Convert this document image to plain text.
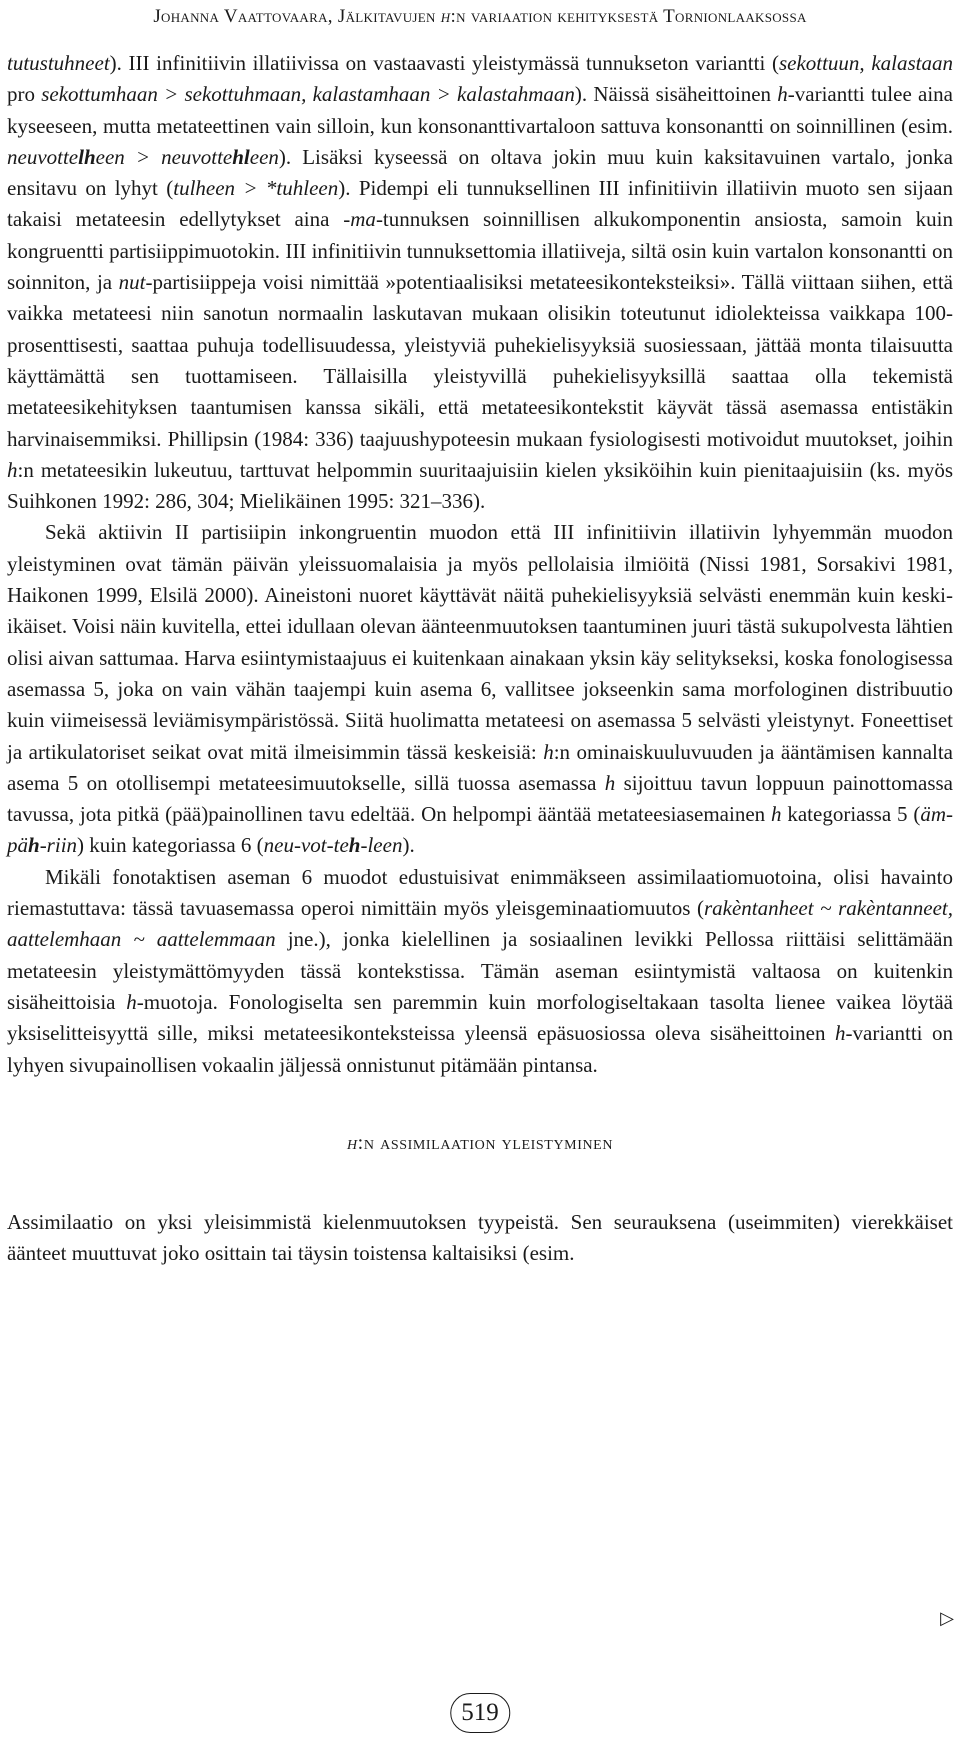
Johanna Vaattovaara, Jälkitavujen h:n variaation kehityksestä Tornionlaaksossa

tutustuhneet). III infinitiivin illatiivissa on vastaavasti yleistymässä tunnukseton variantti (sekottuun, kalastaan pro sekottumhaan > sekottuhmaan, kalastamhaan > kalastahmaan). Näissä sisäheittoinen h-variantti tulee aina kyseeseen, mutta metateettinen vain silloin, kun konsonanttivartaloon sattuva konsonantti on soinnillinen (esim. neuvottelheen > neuvottehleen). Lisäksi kyseessä on oltava jokin muu kuin kaksitavuinen vartalo, jonka ensitavu on lyhyt (tulheen > *tuhleen). Pidempi eli tunnuksellinen III infinitiivin illatiivin muoto sen sijaan takaisi metateesin edellytykset aina -ma-tunnuksen soinnillisen alkukomponentin ansiosta, samoin kuin kongruentti partisiippimuotokin. III infinitiivin tunnuksettomia illatiiveja, siltä osin kuin vartalon konsonantti on soinniton, ja nut-partisiippeja voisi nimittää »potentiaalisiksi metateesikonteksteiksi». Tällä viittaan siihen, että vaikka metateesi niin sanotun normaalin laskutavan mukaan olisikin toteutunut idiolekteissa vaikkapa 100-prosenttisesti, saattaa puhuja todellisuudessa, yleistyviä puhekielisyyksiä suosiessaan, jättää monta tilaisuutta käyttämättä sen tuottamiseen. Tällaisilla yleistyvillä puhekielisyyksillä saattaa olla tekemistä metateesikehityksen taantumisen kanssa sikäli, että metateesikontekstit käyvät tässä asemassa entistäkin harvinaisemmiksi. Phillipsin (1984: 336) taajuushypoteesin mukaan fysiologisesti motivoidut muutokset, joihin h:n metateesikin lukeutuu, tarttuvat helpommin suuritaajuisiin kielen yksiköihin kuin pienitaajuisiin (ks. myös Suihkonen 1992: 286, 304; Mielikäinen 1995: 321–336).

Sekä aktiivin II partisiipin inkongruentin muodon että III infinitiivin illatiivin lyhyemmän muodon yleistyminen ovat tämän päivän yleissuomalaisia ja myös pellolaisia ilmiöitä (Nissi 1981, Sorsakivi 1981, Haikonen 1999, Elsilä 2000). Aineistoni nuoret käyttävät näitä puhekielisyyksiä selvästi enemmän kuin keski-ikäiset. Voisi näin kuvitella, ettei idullaan olevan äänteenmuutoksen taantuminen juuri tästä sukupolvesta lähtien olisi aivan sattumaa. Harva esiintymistaajuus ei kuitenkaan ainakaan yksin käy selitykseksi, koska fonologisessa asemassa 5, joka on vain vähän taajempi kuin asema 6, vallitsee jokseenkin sama morfologinen distribuutio kuin viimeisessä leviämisympäristössä. Siitä huolimatta metateesi on asemassa 5 selvästi yleistynyt. Foneettiset ja artikulatoriset seikat ovat mitä ilmeisimmin tässä keskeisiä: h:n ominaiskuuluvuuden ja ääntämisen kannalta asema 5 on otollisempi metateesimuutokselle, sillä tuossa asemassa h sijoittuu tavun loppuun painottomassa tavussa, jota pitkä (pää)painollinen tavu edeltää. On helpompi ääntää metateesiasemainen h kategoriassa 5 (äm-päh-riin) kuin kategoriassa 6 (neu-vot-teh-leen).

Mikäli fonotaktisen aseman 6 muodot edustuisivat enimmäkseen assimilaatiomuotoina, olisi havainto riemastuttava: tässä tavuasemassa operoi nimittäin myös yleisgeminaatiomuutos (rakèntanheet ~ rakèntanneet, aattelemhaan ~ aattelemmaan jne.), jonka kielellinen ja sosiaalinen levikki Pellossa riittäisi selittämään metateesin yleistymättömyyden tässä kontekstissa. Tämän aseman esiintymistä valtaosa on kuitenkin sisäheittoisia h-muotoja. Fonologiselta sen paremmin kuin morfologiseltakaan tasolta lienee vaikea löytää yksiselitteisyyttä sille, miksi metateesikonteksteissa yleensä epäsuosiossa oleva sisäheittoinen h-variantti on lyhyen sivupainollisen vokaalin jäljessä onnistunut pitämään pintansa.

h:n assimilaation yleistyminen

Assimilaatio on yksi yleisimmistä kielenmuutoksen tyypeistä. Sen seurauksena (useimmiten) vierekkäiset äänteet muuttuvat joko osittain tai täysin toistensa kaltaisiksi (esim.

▷
519
